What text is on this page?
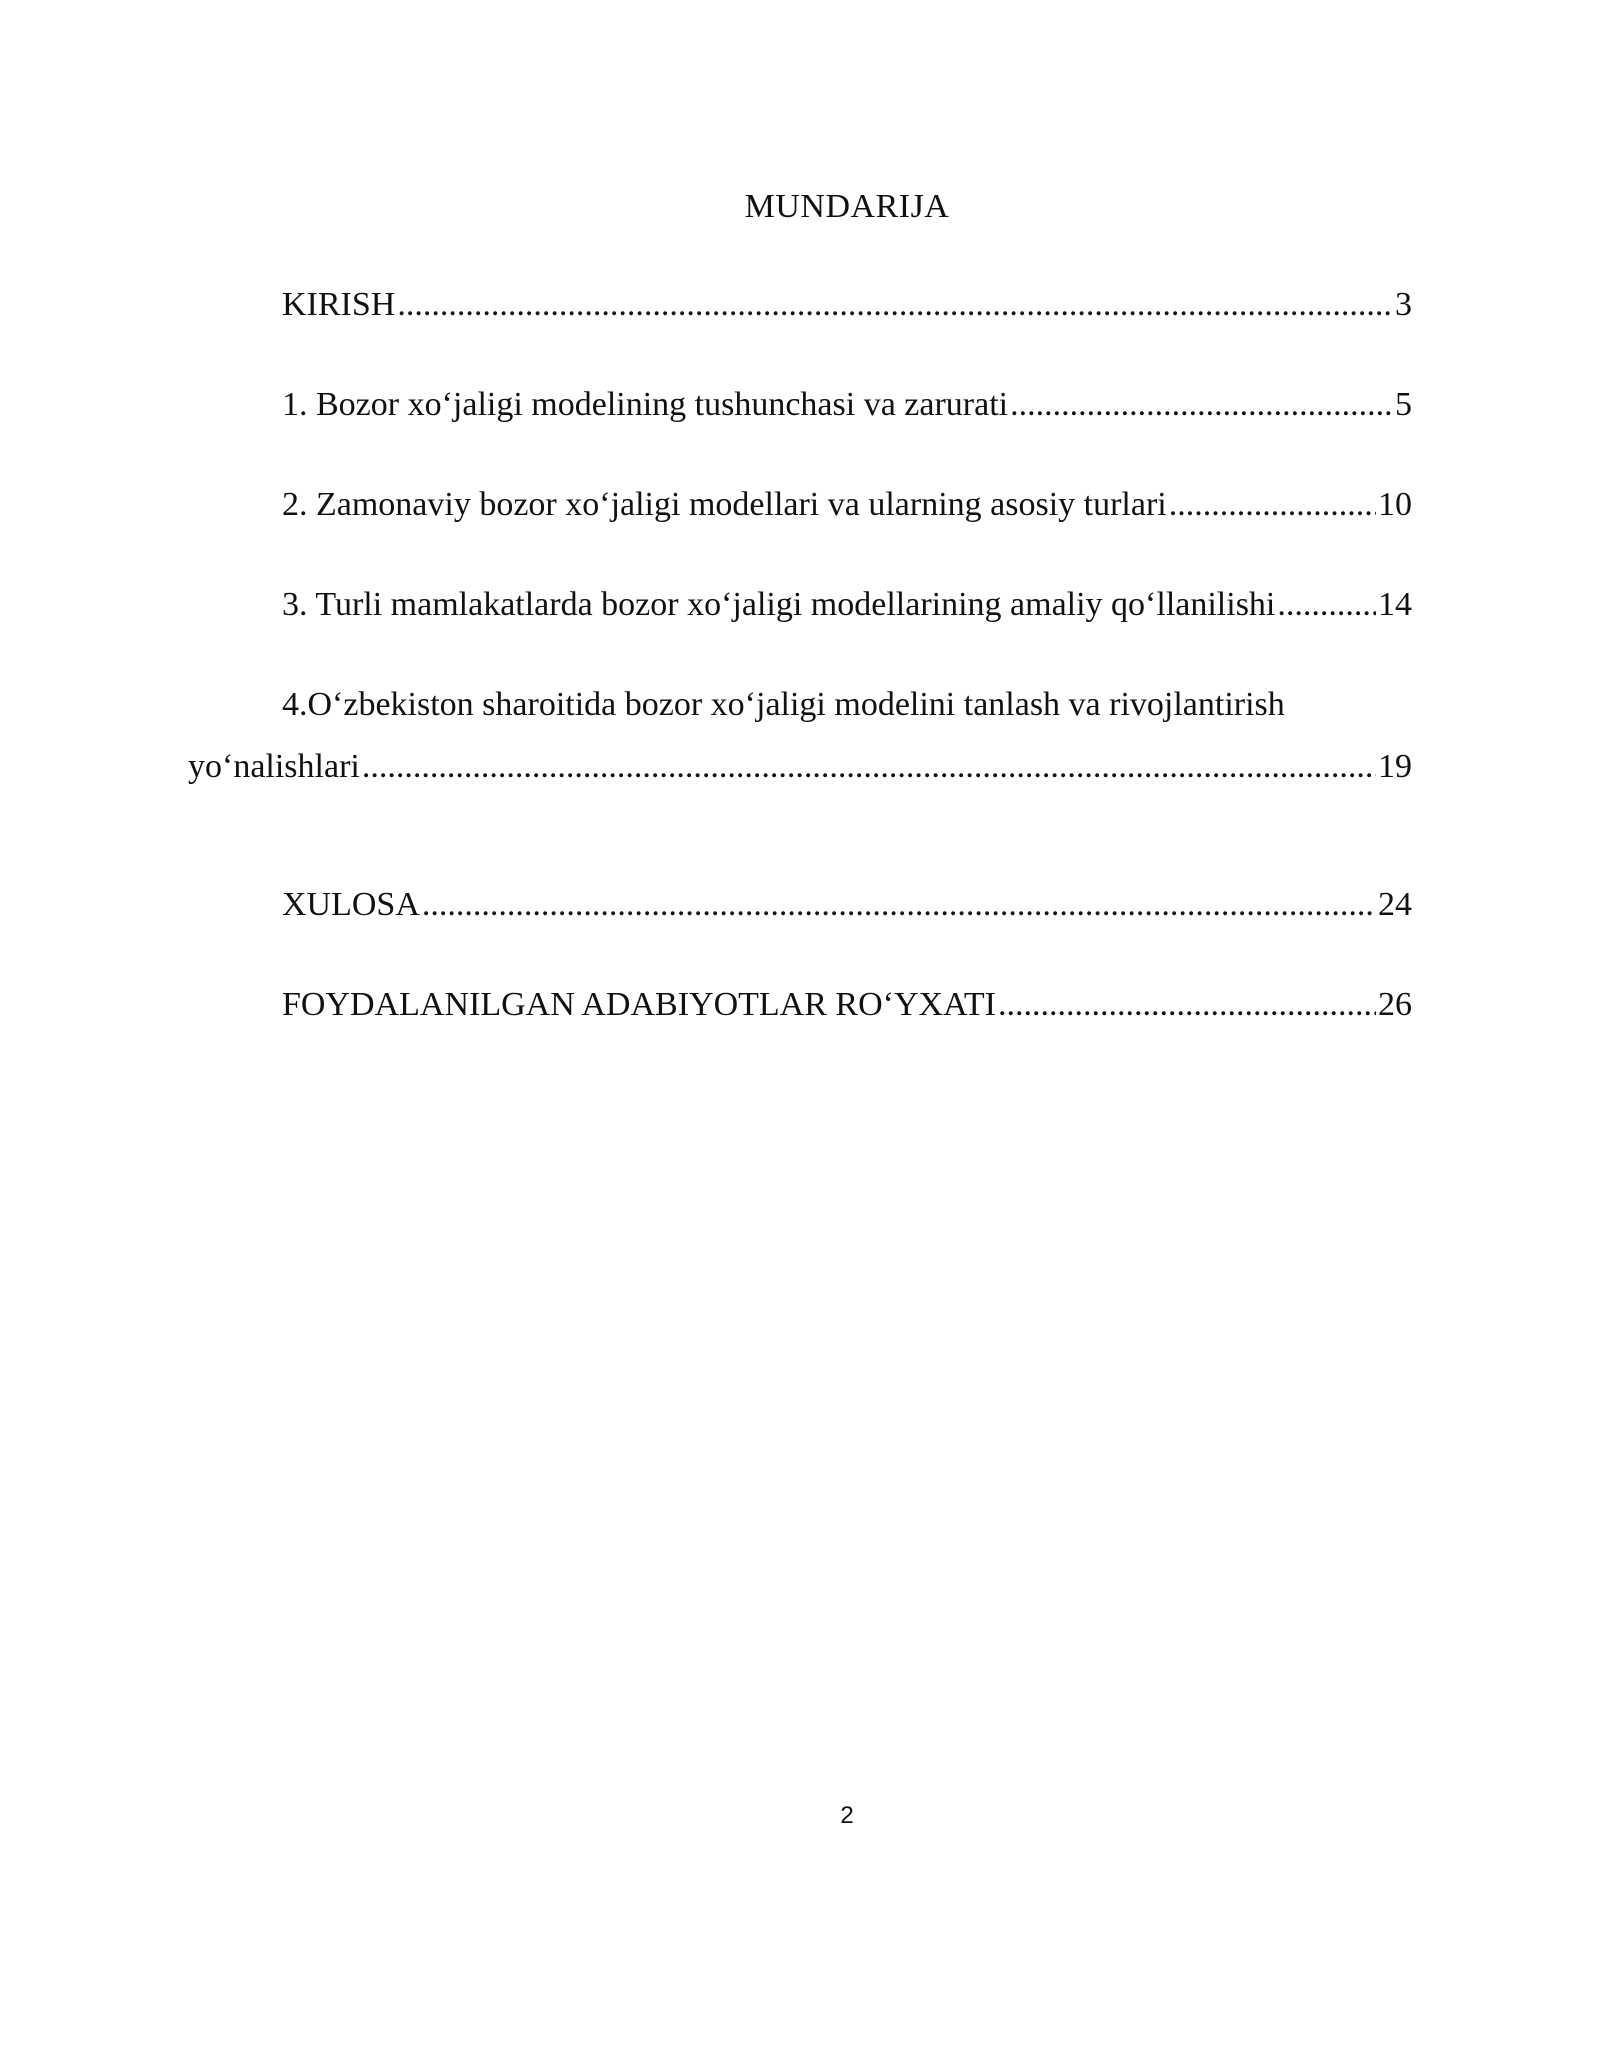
MUNDARIJA
KIRISH .....	3
1. Bozor xo‘jaligi modelining tushunchasi va zarurati .....	5
2. Zamonaviy bozor xo‘jaligi modellari va ularning asosiy turlari .....	10
3. Turli mamlakatlarda bozor xo‘jaligi modellarining amaliy qo‘llanilishi .....	14
4.O‘zbekiston sharoitida bozor xo‘jaligi modelini tanlash va rivojlantirish
yo‘nalishlari .....	19
XULOSA .....	24
FOYDALANILGAN ADABIYOTLAR RO‘YXATI .....	26
2
